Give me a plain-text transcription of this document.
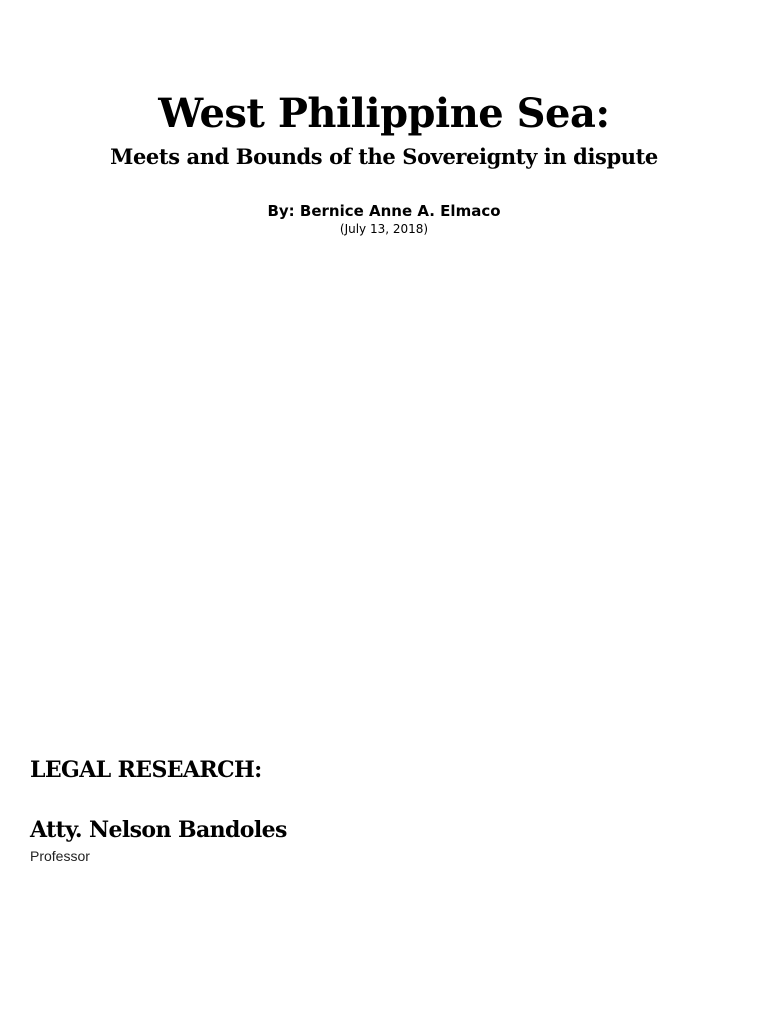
West Philippine Sea:
Meets and Bounds of the Sovereignty in dispute
By: Bernice Anne A. Elmaco
(July 13, 2018)
LEGAL RESEARCH:
Atty. Nelson Bandoles
Professor
